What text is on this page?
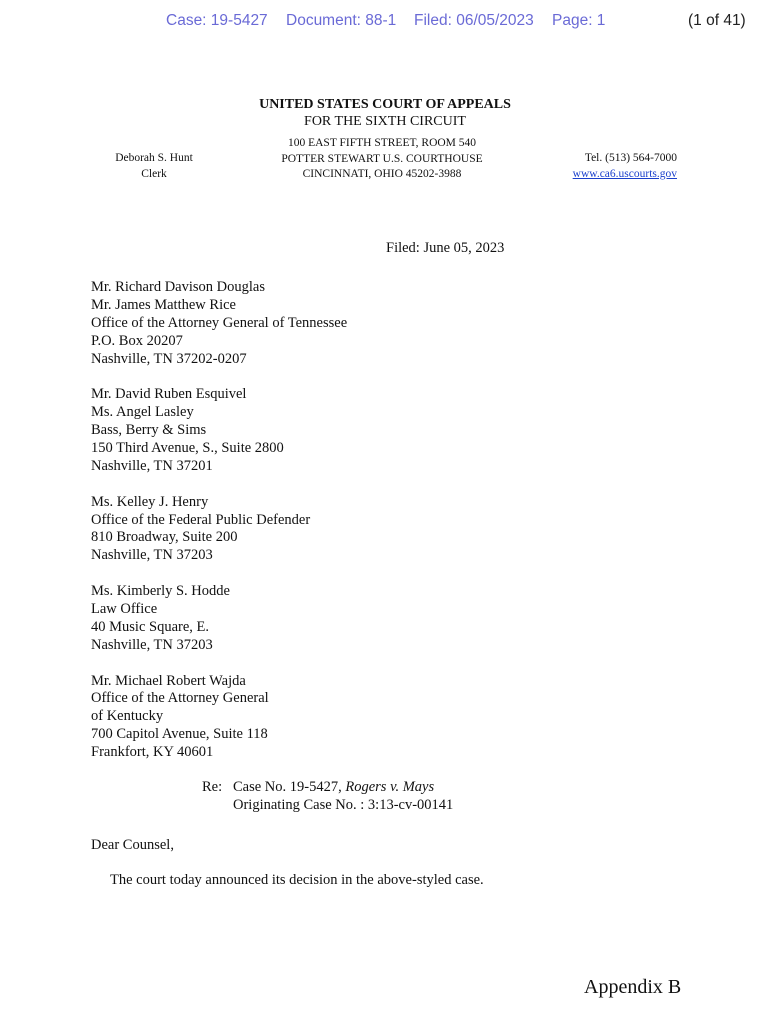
Case: 19-5427 Document: 88-1 Filed: 06/05/2023 Page: 1	(1 of 41)
UNITED STATES COURT OF APPEALS
FOR THE SIXTH CIRCUIT
Deborah S. Hunt
Clerk
100 EAST FIFTH STREET, ROOM 540
POTTER STEWART U.S. COURTHOUSE
CINCINNATI, OHIO 45202-3988
Tel. (513) 564-7000
www.ca6.uscourts.gov
Filed: June 05, 2023
Mr. Richard Davison Douglas
Mr. James Matthew Rice
Office of the Attorney General of Tennessee
P.O. Box 20207
Nashville, TN 37202-0207
Mr. David Ruben Esquivel
Ms. Angel Lasley
Bass, Berry & Sims
150 Third Avenue, S., Suite 2800
Nashville, TN 37201
Ms. Kelley J. Henry
Office of the Federal Public Defender
810 Broadway, Suite 200
Nashville, TN 37203
Ms. Kimberly S. Hodde
Law Office
40 Music Square, E.
Nashville, TN 37203
Mr. Michael Robert Wajda
Office of the Attorney General
of Kentucky
700 Capitol Avenue, Suite 118
Frankfort, KY 40601
Re: Case No. 19-5427, Rogers v. Mays
Originating Case No. : 3:13-cv-00141
Dear Counsel,
The court today announced its decision in the above-styled case.
Appendix B
